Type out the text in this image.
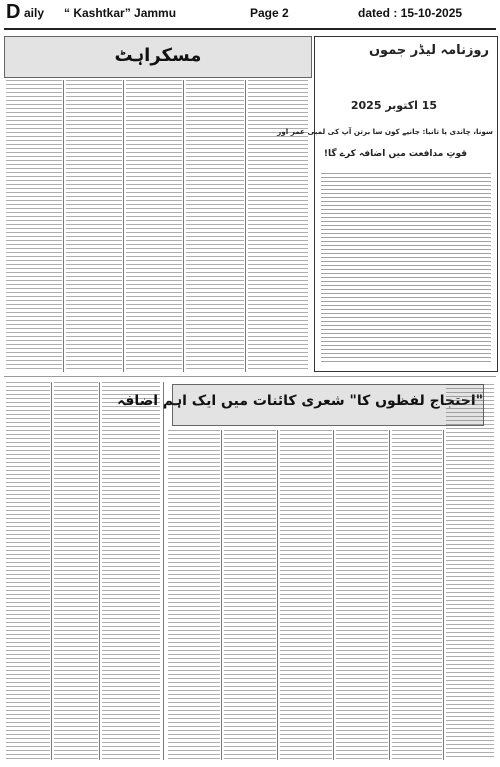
D aily “ Kashtkar” Jammu	Page 2	dated : 15-10-2025
مسکراہٹ	روزنامہ لیڈر جموں
15 اکتوبر 2025
سونا، چاندی یا تانبا: جانیے کون سا برتن آپ کی لمبی عمر اور
قوتِ مدافعت میں اضافہ کرے گا!
"احتجاج لفظوں کا" شعری کائنات میں ایک اہم اضافہ
